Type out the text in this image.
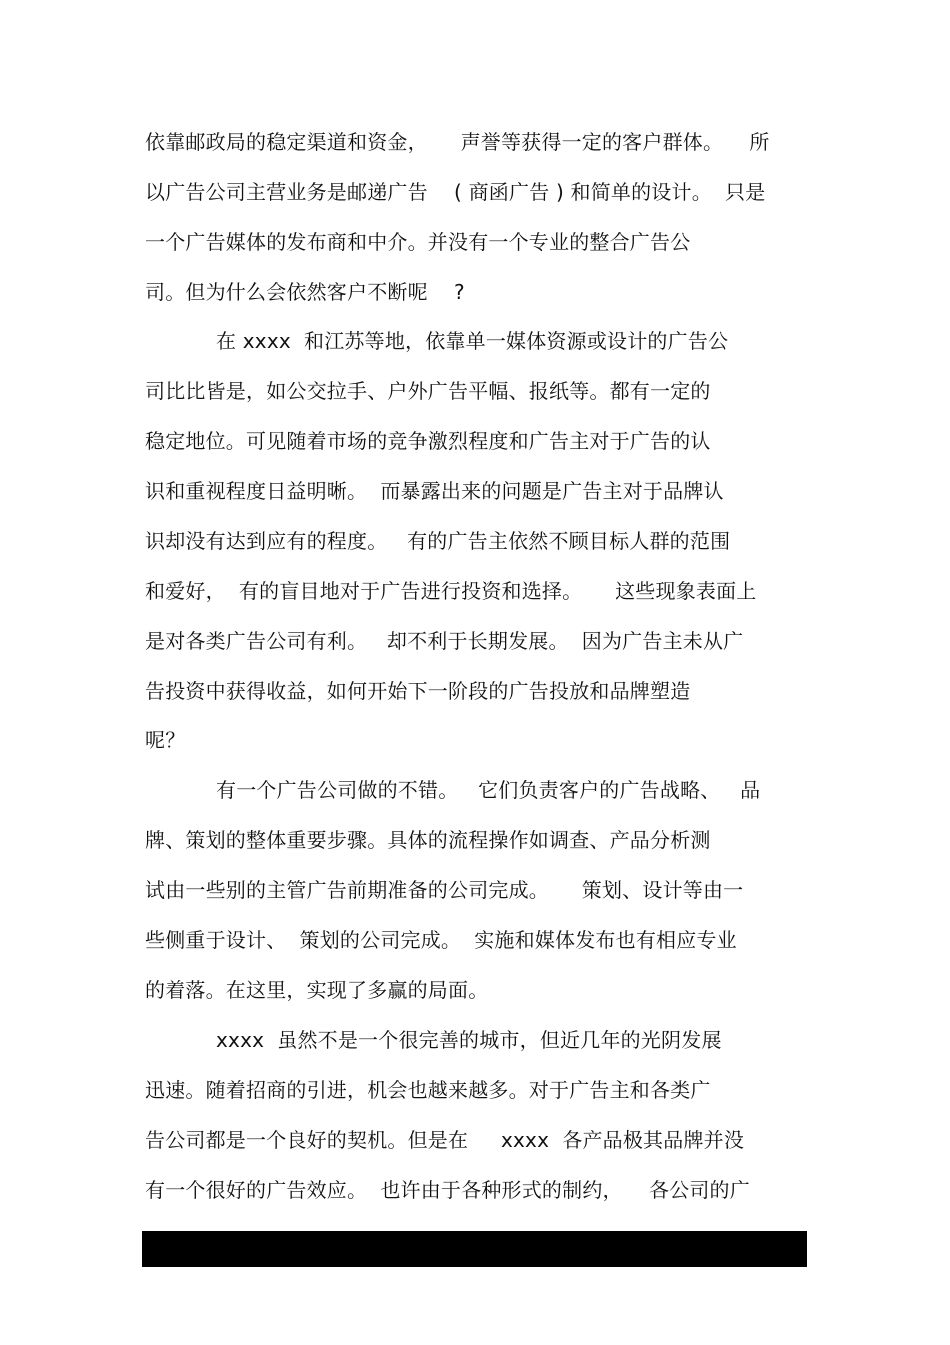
依靠邮政局的稳定渠道和资金，     声誉等获得一定的客户群体。    所
以广告公司主营业务是邮递广告    ( 商函广告 ) 和简单的设计。  只是
一个广告媒体的发布商和中介。并没有一个专业的整合广告公
司。但为什么会依然客户不断呢    ?
在 xxxx  和江苏等地，依靠单一媒体资源或设计的广告公
司比比皆是，如公交拉手、户外广告平幅、报纸等。都有一定的
稳定地位。可见随着市场的竞争激烈程度和广告主对于广告的认
识和重视程度日益明晰。  而暴露出来的问题是广告主对于品牌认
识却没有达到应有的程度。   有的广告主依然不顾目标人群的范围
和爱好，  有的盲目地对于广告进行投资和选择。     这些现象表面上
是对各类广告公司有利。   却不利于长期发展。  因为广告主未从广
告投资中获得收益，如何开始下一阶段的广告投放和品牌塑造
呢？
有一个广告公司做的不错。   它们负责客户的广告战略、   品
牌、策划的整体重要步骤。具体的流程操作如调查、产品分析测
试由一些别的主管广告前期准备的公司完成。     策划、设计等由一
些侧重于设计、  策划的公司完成。  实施和媒体发布也有相应专业
的着落。在这里，实现了多赢的局面。
xxxx  虽然不是一个很完善的城市，但近几年的光阴发展
迅速。随着招商的引进，机会也越来越多。对于广告主和各类广
告公司都是一个良好的契机。但是在     xxxx  各产品极其品牌并没
有一个很好的广告效应。  也许由于各种形式的制约，    各公司的广
